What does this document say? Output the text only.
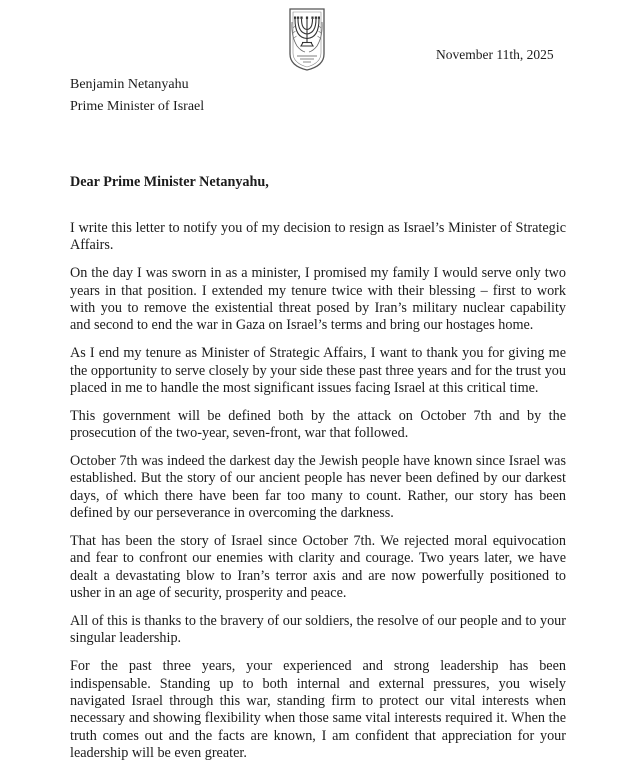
November 11th, 2025
Benjamin Netanyahu
Prime Minister of Israel
Dear Prime Minister Netanyahu,

I write this letter to notify you of my decision to resign as Israel’s Minister of Strategic Affairs.

On the day I was sworn in as a minister, I promised my family I would serve only two years in that position. I extended my tenure twice with their blessing – first to work with you to remove the existential threat posed by Iran’s military nuclear capability and second to end the war in Gaza on Israel’s terms and bring our hostages home.

As I end my tenure as Minister of Strategic Affairs, I want to thank you for giving me the opportunity to serve closely by your side these past three years and for the trust you placed in me to handle the most significant issues facing Israel at this critical time.

This government will be defined both by the attack on October 7th and by the prosecution of the two-year, seven-front, war that followed.

October 7th was indeed the darkest day the Jewish people have known since Israel was established. But the story of our ancient people has never been defined by our darkest days, of which there have been far too many to count. Rather, our story has been defined by our perseverance in overcoming the darkness.

That has been the story of Israel since October 7th. We rejected moral equivocation and fear to confront our enemies with clarity and courage. Two years later, we have dealt a devastating blow to Iran’s terror axis and are now powerfully positioned to usher in an age of security, prosperity and peace.

All of this is thanks to the bravery of our soldiers, the resolve of our people and to your singular leadership.

For the past three years, your experienced and strong leadership has been indispensable. Standing up to both internal and external pressures, you wisely navigated Israel through this war, standing firm to protect our vital interests when necessary and showing flexibility when those same vital interests required it. When the truth comes out and the facts are known, I am confident that appreciation for your leadership will be even greater.
